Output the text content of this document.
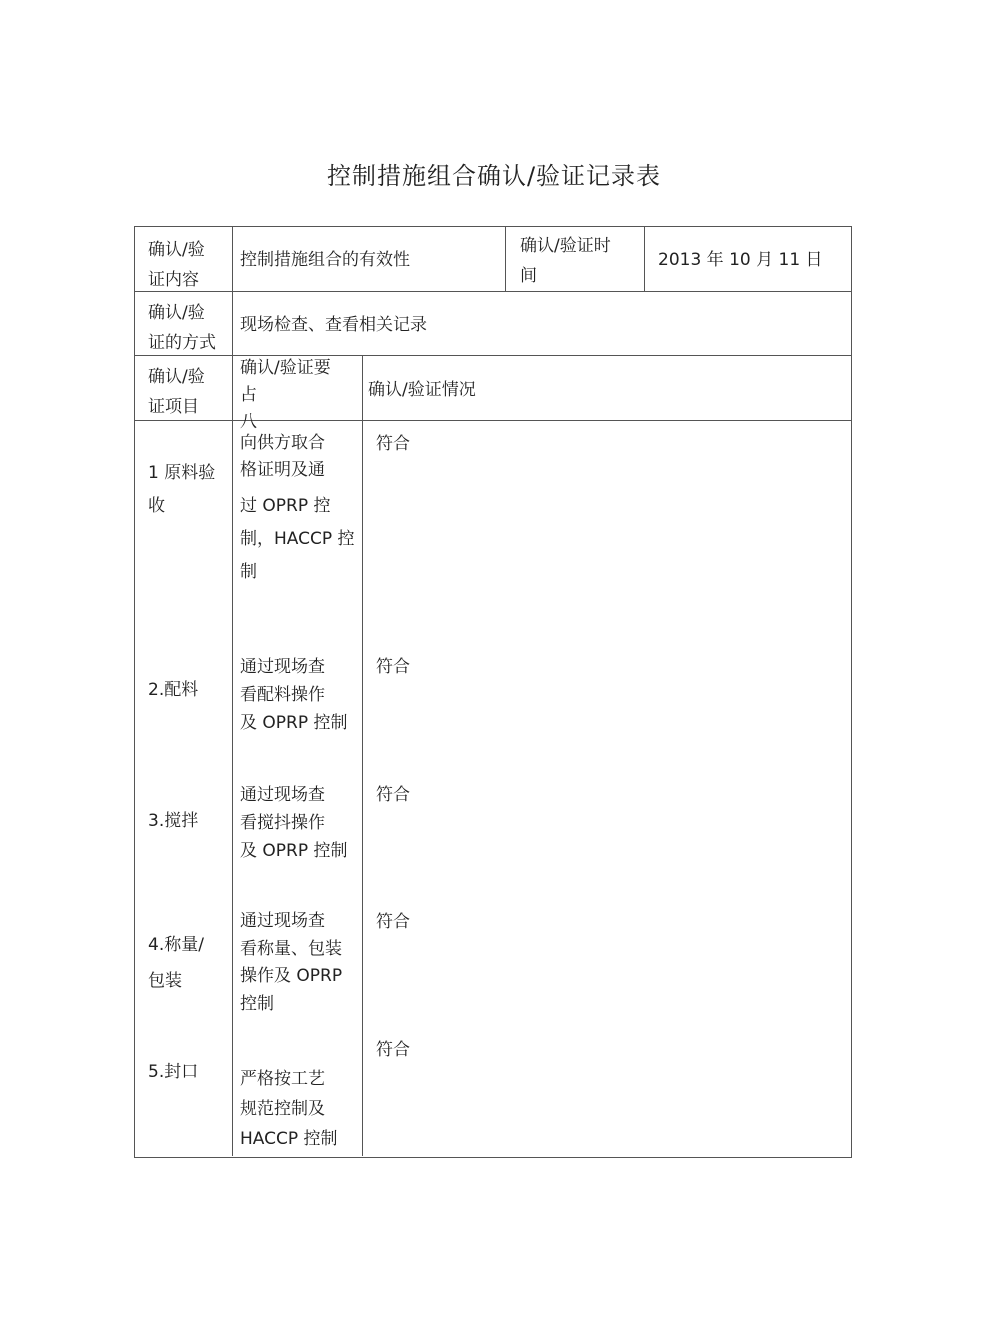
控制措施组合确认/验证记录表
确认/验
证内容
控制措施组合的有效性
确认/验证时
间
2013 年 10 月 11 日
确认/验
证的方式
现场检查、查看相关记录
确认/验
证项目
确认/验证要
占
八
确认/验证情况
1 原料验
收
向供方取合
格证明及通
过 OPRP 控
制，HACCP 控
制
符合
2.配料
通过现场查
看配料操作
及 OPRP 控制
符合
3.搅拌
通过现场查
看搅抖操作
及 OPRP 控制
符合
4.称量/
包装
通过现场查
看称量、包装
操作及 OPRP
控制
符合
5.封口 严格按工艺
规范控制及
HACCP 控制
符合
